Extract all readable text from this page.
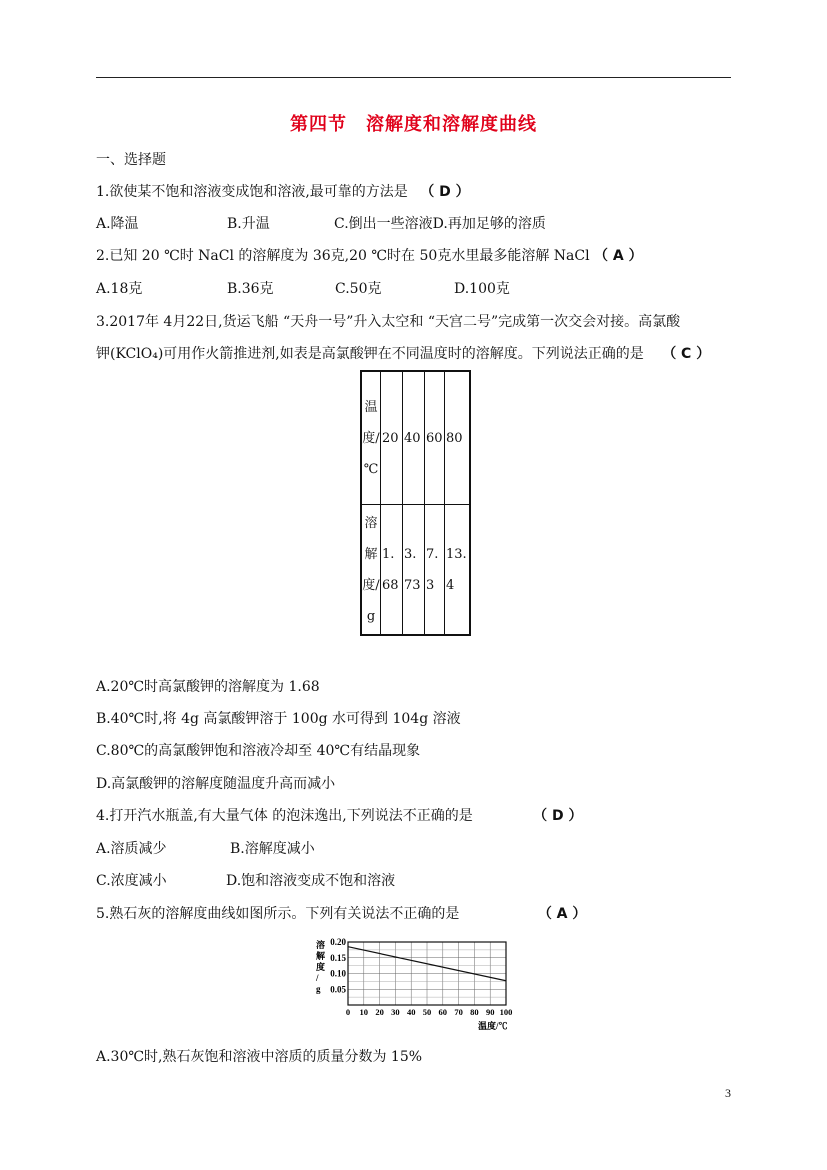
第四节　溶解度和溶解度曲线
一、选择题
1.欲使某不饱和溶液变成饱和溶液,最可靠的方法是 （ D ）
A.降温	B.升温	C.倒出一些溶液D.再加足够的溶质
2.已知 20 ℃时 NaCl 的溶解度为 36克,20 ℃时在 50克水里最多能溶解 NaCl （ A ）
A.18克	B.36克	C.50克	D.100克
3.2017年 4月22日,货运飞船 “天舟一号”升入太空和 “天宫二号”完成第一次交会对接。高氯酸
钾(KClO₄)可用作火箭推进剂,如表是高氯酸钾在不同温度时的溶解度。下列说法正确的是 （ C ）
温度/℃	20	40	60	80

溶解度/g	1.68	3.73	7.3	13.4
A.20℃时高氯酸钾的溶解度为 1.68
B.40℃时,将 4g 高氯酸钾溶于 100g 水可得到 104g 溶液
C.80℃的高氯酸钾饱和溶液冷却至 40℃有结晶现象
D.高氯酸钾的溶解度随温度升高而减小
4.打开汽水瓶盖,有大量气体 的泡沫逸出,下列说法不正确的是	（ D ）
A.溶质减少	B.溶解度减小
C.浓度减小	D.饱和溶液变成不饱和溶液
5.熟石灰的溶解度曲线如图所示。下列有关说法不正确的是	（ A ）
0.05
0.10
0.15
0.20
0 10 20 30 40 50 60 70 80 90 100
溶解度/ g
温度/℃
A.30℃时,熟石灰饱和溶液中溶质的质量分数为 15%
3
